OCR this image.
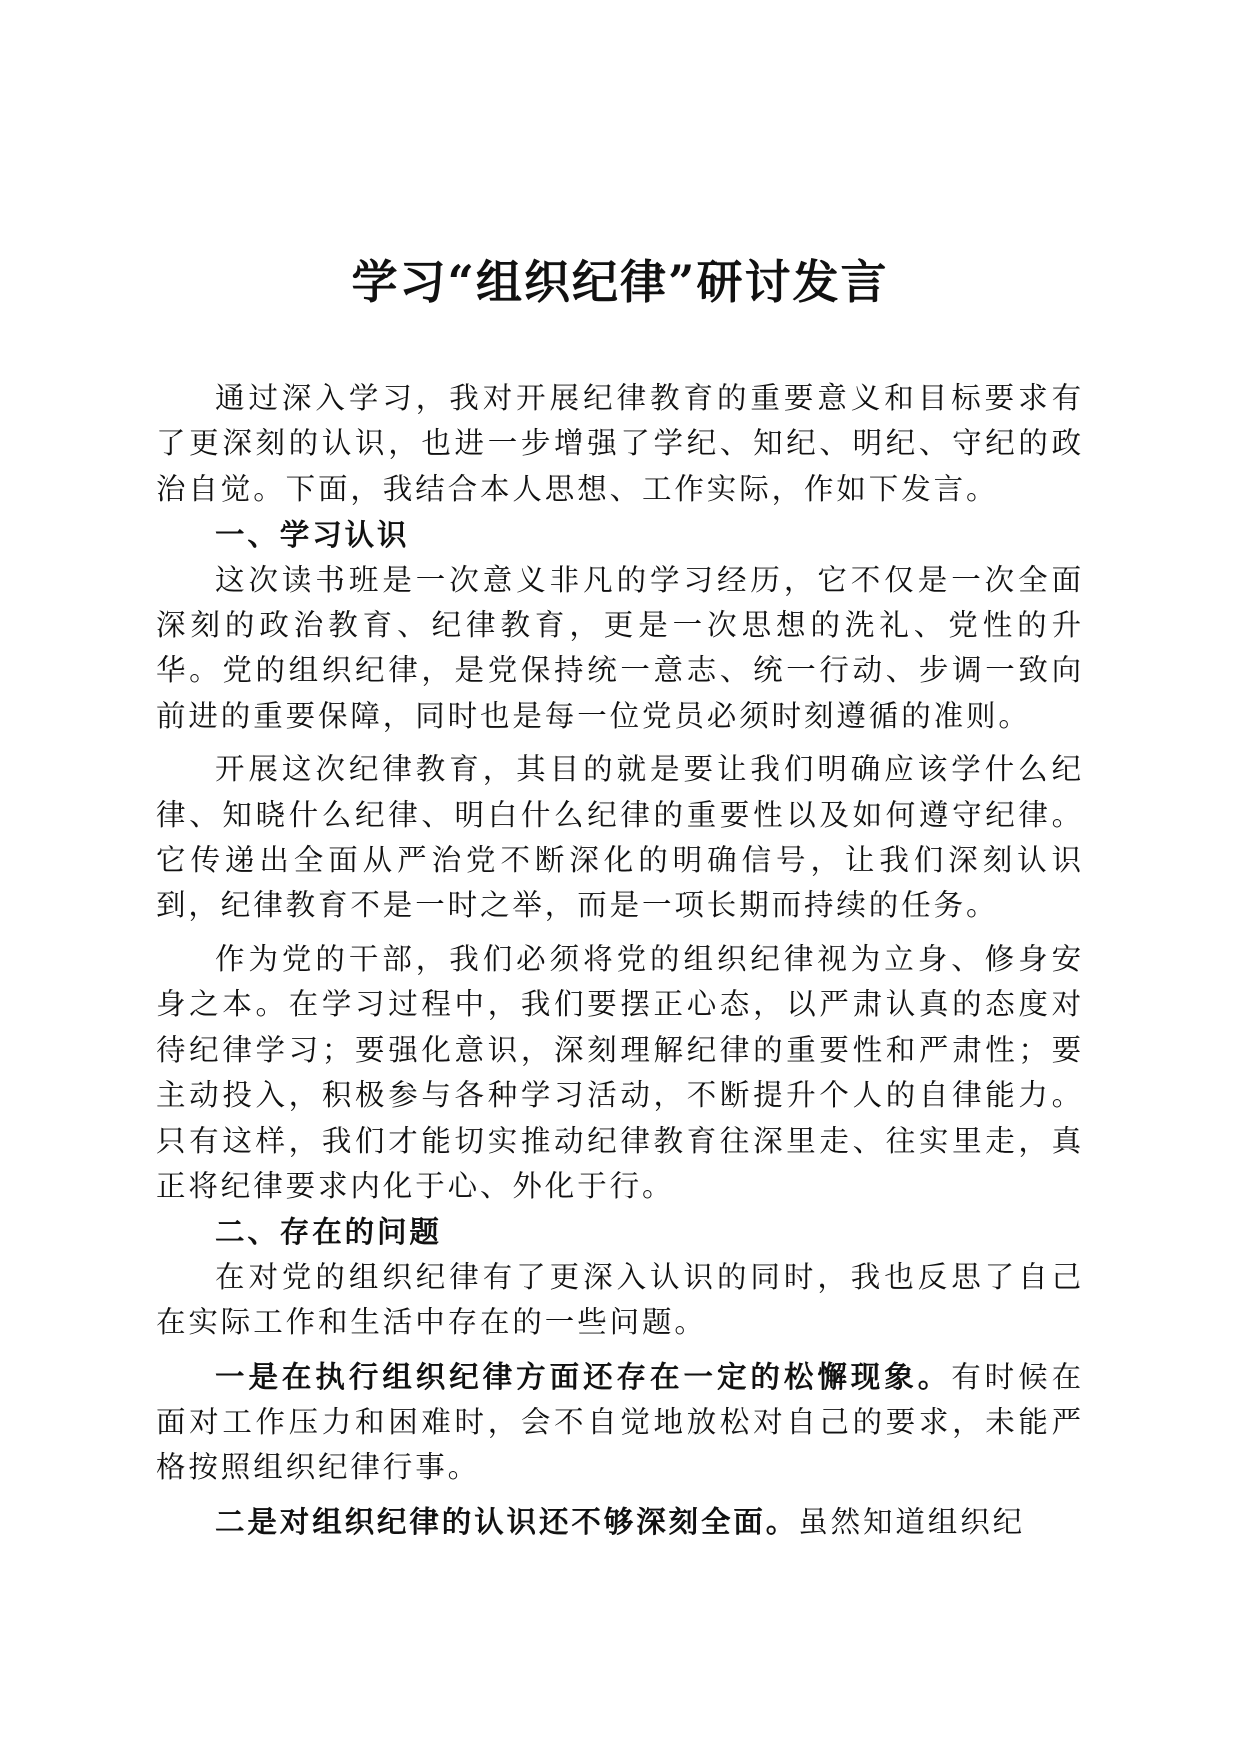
学习“组织纪律”研讨发言

通过深入学习，我对开展纪律教育的重要意义和目标要求有了更深刻的认识，也进一步增强了学纪、知纪、明纪、守纪的政治自觉。下面，我结合本人思想、工作实际，作如下发言。

一、学习认识

这次读书班是一次意义非凡的学习经历，它不仅是一次全面深刻的政治教育、纪律教育，更是一次思想的洗礼、党性的升华。党的组织纪律，是党保持统一意志、统一行动、步调一致向前进的重要保障，同时也是每一位党员必须时刻遵循的准则。

开展这次纪律教育，其目的就是要让我们明确应该学什么纪律、知晓什么纪律、明白什么纪律的重要性以及如何遵守纪律。它传递出全面从严治党不断深化的明确信号，让我们深刻认识到，纪律教育不是一时之举，而是一项长期而持续的任务。

作为党的干部，我们必须将党的组织纪律视为立身、修身安身之本。在学习过程中，我们要摆正心态，以严肃认真的态度对待纪律学习；要强化意识，深刻理解纪律的重要性和严肃性；要主动投入，积极参与各种学习活动，不断提升个人的自律能力。只有这样，我们才能切实推动纪律教育往深里走、往实里走，真正将纪律要求内化于心、外化于行。

二、存在的问题

在对党的组织纪律有了更深入认识的同时，我也反思了自己在实际工作和生活中存在的一些问题。

一是在执行组织纪律方面还存在一定的松懈现象。有时候在面对工作压力和困难时，会不自觉地放松对自己的要求，未能严格按照组织纪律行事。

二是对组织纪律的认识还不够深刻全面。虽然知道组织纪
